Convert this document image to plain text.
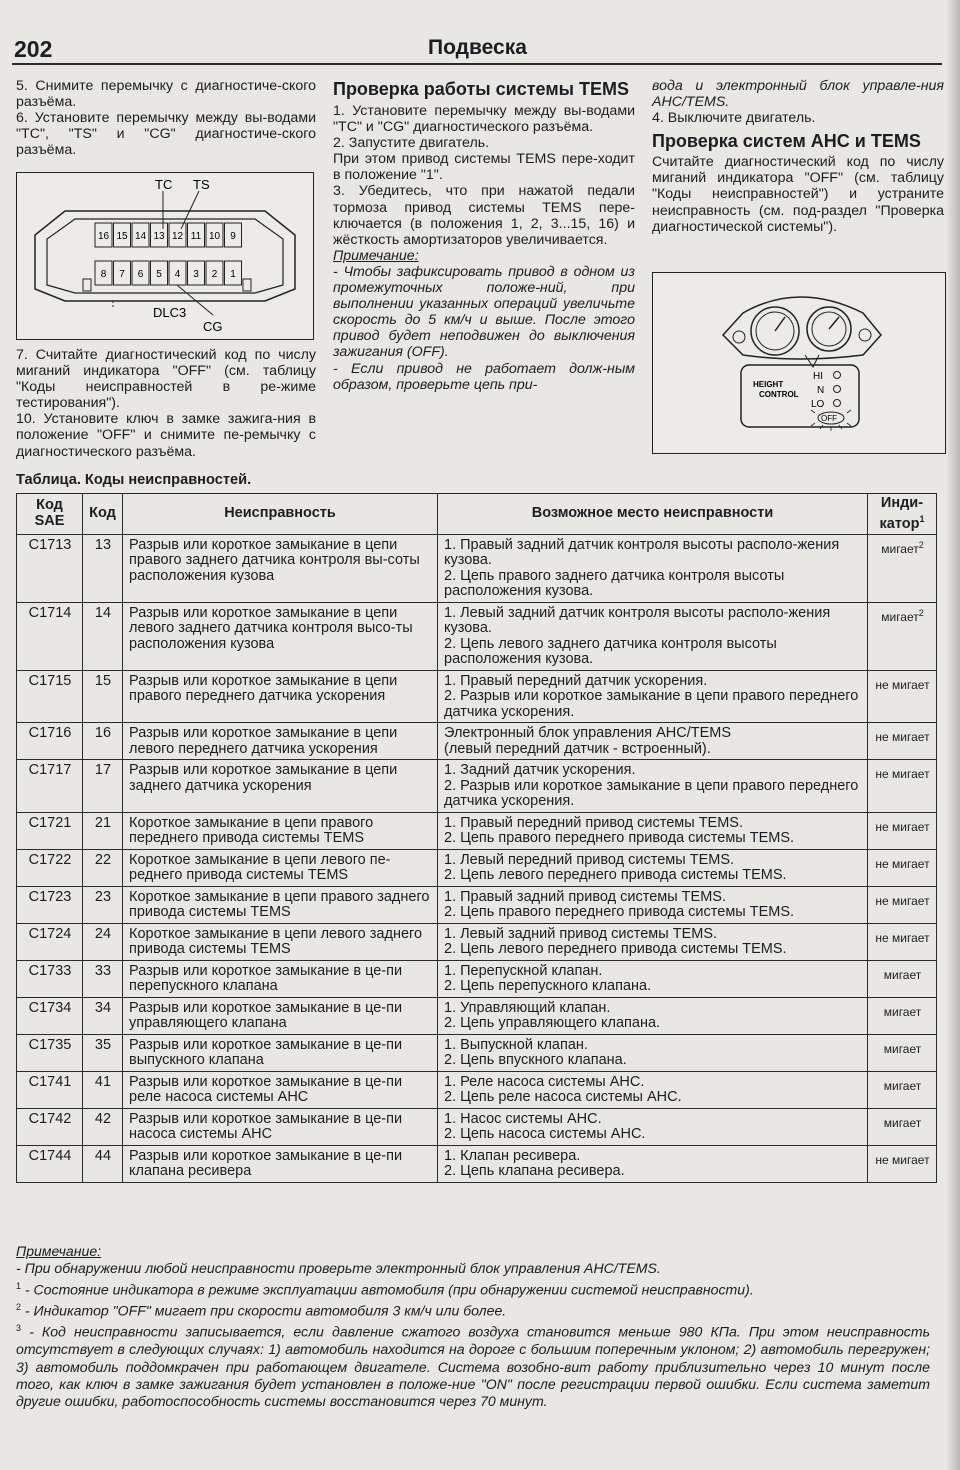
202	Подвеска

5. Снимите перемычку с диагностиче-ского разъёма.

6. Установите перемычку между вы-водами "TC", "TS" и "CG" диагностиче-ского разъёма.

TC TS
DLC3
CG
16 15 14 13 12 11 10 9
8 7 6 5 4 3 2 1

7. Считайте диагностический код по числу миганий индикатора "OFF" (см. таблицу "Коды неисправностей в ре-жиме тестирования").

10. Установите ключ в замке зажига-ния в положение "OFF" и снимите пе-ремычку с диагностического разъёма.

Проверка работы системы TEMS

1. Установите перемычку между вы-водами "TC" и "CG" диагностического разъёма.

2. Запустите двигатель.

При этом привод системы TEMS пере-ходит в положение "1".

3. Убедитесь, что при нажатой педали тормоза привод системы TEMS пере-ключается (в положения 1, 2, 3...15, 16) и жёсткость амортизаторов увеличивается.

Примечание:

- Чтобы зафиксировать привод в одном из промежуточных положе-ний, при выполнении указанных операций увеличьте скорость до 5 км/ч и выше. После этого привод будет неподвижен до выключения зажигания (OFF).

- Если привод не работает долж-ным образом, проверьте цепь при-

вода и электронный блок управле-ния AHC/TEMS.

4. Выключите двигатель.

Проверка систем AHC и TEMS

Считайте диагностический код по числу миганий индикатора "OFF" (см. таблицу "Коды неисправностей") и устраните неисправность (см. под-раздел "Проверка диагностической системы").

HEIGHT
CONTROL
HI
N
LO
OFF
Таблица. Коды неисправностей.
Код SAE	Код	Неисправность	Возможное место неисправности	Инди-катор$^1$
C1713	13	Разрыв или короткое замыкание в цепи правого заднего датчика контроля вы-соты расположения кузова	1. Правый задний датчик контроля высоты располо-жения кузова.
2. Цепь правого заднего датчика контроля высоты расположения кузова.	мигает$^2$
C1714	14	Разрыв или короткое замыкание в цепи левого заднего датчика контроля высо-ты расположения кузова	1. Левый задний датчик контроля высоты располо-жения кузова.
2. Цепь левого заднего датчика контроля высоты расположения кузова.	мигает$^2$
C1715	15	Разрыв или короткое замыкание в цепи правого переднего датчика ускорения	1. Правый передний датчик ускорения.
2. Разрыв или короткое замыкание в цепи правого переднего датчика ускорения.	не мигает
C1716	16	Разрыв или короткое замыкание в цепи левого переднего датчика ускорения	Электронный блок управления AHC/TEMS
(левый передний датчик - встроенный).	не мигает
C1717	17	Разрыв или короткое замыкание в цепи заднего датчика ускорения	1. Задний датчик ускорения.
2. Разрыв или короткое замыкание в цепи правого переднего датчика ускорения.	не мигает
C1721	21	Короткое замыкание в цепи правого переднего привода системы TEMS	1. Правый передний привод системы TEMS.
2. Цепь правого переднего привода системы TEMS.	не мигает
C1722	22	Короткое замыкание в цепи левого пе-реднего привода системы TEMS	1. Левый передний привод системы TEMS.
2. Цепь левого переднего привода системы TEMS.	не мигает
C1723	23	Короткое замыкание в цепи правого заднего привода системы TEMS	1. Правый задний привод системы TEMS.
2. Цепь правого переднего привода системы TEMS.	не мигает
C1724	24	Короткое замыкание в цепи левого заднего привода системы TEMS	1. Левый задний привод системы TEMS.
2. Цепь левого переднего привода системы TEMS.	не мигает
C1733	33	Разрыв или короткое замыкание в це-пи перепускного клапана	1. Перепускной клапан.
2. Цепь перепускного клапана.	мигает
C1734	34	Разрыв или короткое замыкание в це-пи управляющего клапана	1. Управляющий клапан.
2. Цепь управляющего клапана.	мигает
C1735	35	Разрыв или короткое замыкание в це-пи выпускного клапана	1. Выпускной клапан.
2. Цепь впускного клапана.	мигает
C1741	41	Разрыв или короткое замыкание в це-пи реле насоса системы AHC	1. Реле насоса системы AHC.
2. Цепь реле насоса системы AHC.	мигает
C1742	42	Разрыв или короткое замыкание в це-пи насоса системы AHC	1. Насос системы AHC.
2. Цепь насоса системы AHC.	мигает
C1744	44	Разрыв или короткое замыкание в це-пи клапана ресивера	1. Клапан ресивера.
2. Цепь клапана ресивера.	не мигает

Примечание:

- При обнаружении любой неисправности проверьте электронный блок управления AHC/TEMS.

$^1$ - Состояние индикатора в режиме эксплуатации автомобиля (при обнаружении системой неисправности).

$^2$ - Индикатор "OFF" мигает при скорости автомобиля 3 км/ч или более.

$^3$ - Код неисправности записывается, если давление сжатого воздуха становится меньше 980 КПа. При этом неисправность отсутствует в следующих случаях: 1) автомобиль находится на дороге с большим поперечным уклоном; 2) автомобиль перегружен; 3) автомобиль поддомкрачен при работающем двигателе. Система возобно-вит работу приблизительно через 10 минут после того, как ключ в замке зажигания будет установлен в положе-ние "ON" после регистрации первой ошибки. Если система заметит другие ошибки, работоспособность системы восстановится через 70 минут.
